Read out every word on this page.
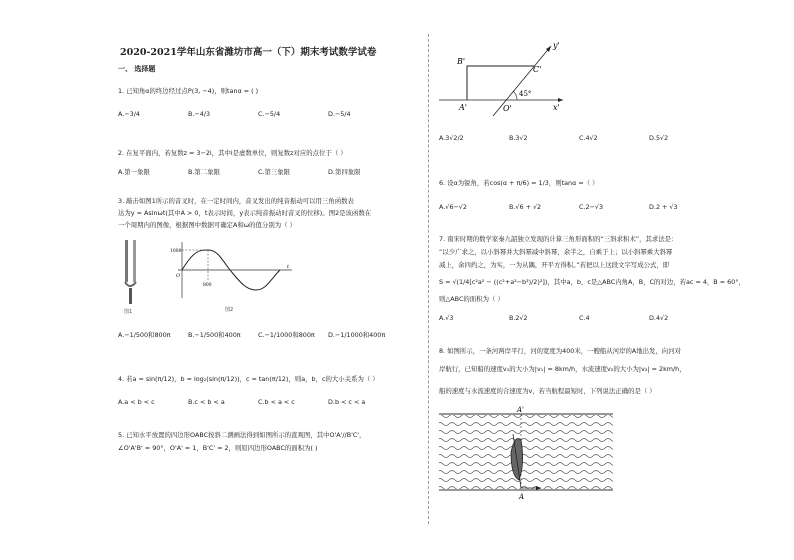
2020-2021学年山东省潍坊市高一（下）期末考试数学试卷
一、 选择题
1. 已知角α的终边经过点P(3, −4)，则tanα = ( )
A.−3/4	B.−4/3	C.−5/4	D.−5/4
2. 在复平面内，若复数z = 3−2i，其中i是虚数单位，则复数z对应的点位于（ ）
A.第一象限	B.第二象限	C.第三象限	D.第四象限
3. 敲击如图1所示的音叉时，在一定时间内，音叉发出的纯音振动可以用三角函数表
达为y = Asinωt(其中A > 0，t表示时间，y表示纯音振动时音叉的位移)。图2是该函数在
一个周期内的图像，根据图中数据可确定A和ω的值分别为（ ）
图1
1000
800
O
t
图2
A.−1/500和800π	B.−1/500和400π	C.−1/1000和800π D.−1/1000和400π
4. 若a = sin(π/12)，b = log₂(sin(π/12))，c = tan(π/12)，则a，b，c的大小关系为（ ）
A.a < b < c	B.c < b < a	C.b < a < c	D.b < c < a
5. 已知水平放置的四边形OABC按斜二测画法得到如图所示的直观图，其中O'A'//B'C'，
∠O'A'B' = 90°，O'A' = 1，B'C' = 2，则原四边形OABC的面积为( )
y'
x'
B'
C'
A'	O'
45°
A.3√2/2	B.3√2	C.4√2	D.5√2
6. 设α为锐角，若cos(α + π/6) = 1/3，则tanα =（ ）
A.√6−√2	B.√6 + √2	C.2−√3	D.2 + √3
7. 南宋时期的数学家秦九韶独立发现的计算三角形面积的“三斜求积术”，其求法是：
“以少广求之，以小斜幂并大斜幂减中斜幂，余半之，自乘于上；以小斜幂乘大斜幂
减上，余四约之，为实，一为从隅，开平方得积。”若把以上这段文字写成公式，即
S = √(1/4[c²a² − ((c²+a²−b²)/2)²])，其中a，b，c是△ABC内角A，B，C的对边，若ac = 4，B = 60°，
则△ABC的面积为（ ）
A.√3	B.2√2	C.4	D.4√2
8. 如图所示，一条河两岸平行，河的宽度为400米，一艘船从河岸的A地出发，向河对
岸航行，已知船的速度v₁的大小为|v₁| = 8km/h，水流速度v₂的大小为|v₂| = 2km/h，
船的速度与水流速度的合速度为v，若当航程最短时，下列说法正确的是（ ）
A'
A
